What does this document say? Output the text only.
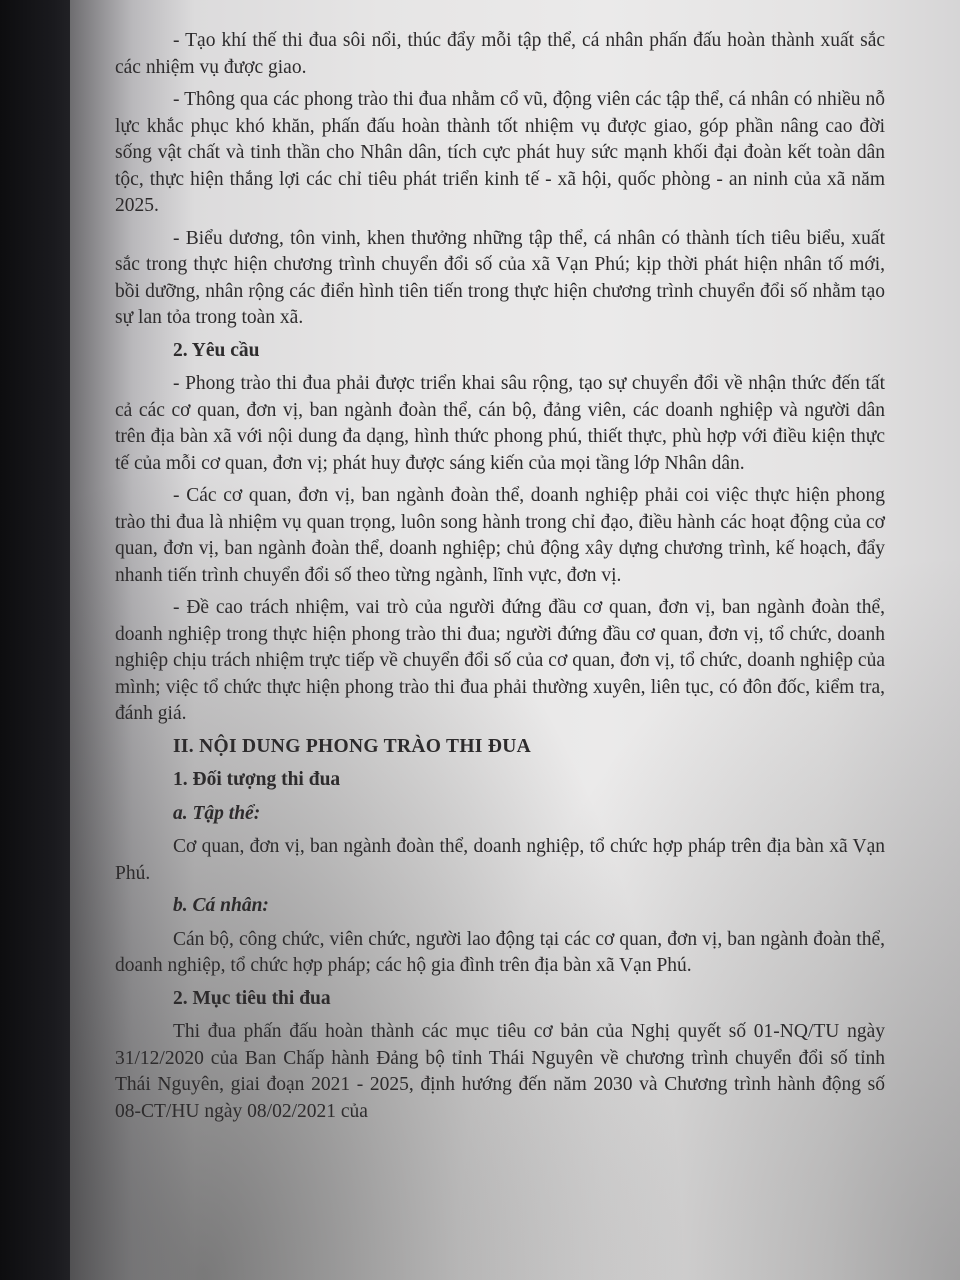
- Tạo khí thế thi đua sôi nổi, thúc đẩy mỗi tập thể, cá nhân phấn đấu hoàn thành xuất sắc các nhiệm vụ được giao.

- Thông qua các phong trào thi đua nhằm cổ vũ, động viên các tập thể, cá nhân có nhiều nỗ lực khắc phục khó khăn, phấn đấu hoàn thành tốt nhiệm vụ được giao, góp phần nâng cao đời sống vật chất và tinh thần cho Nhân dân, tích cực phát huy sức mạnh khối đại đoàn kết toàn dân tộc, thực hiện thắng lợi các chỉ tiêu phát triển kinh tế - xã hội, quốc phòng - an ninh của xã năm 2025.

- Biểu dương, tôn vinh, khen thưởng những tập thể, cá nhân có thành tích tiêu biểu, xuất sắc trong thực hiện chương trình chuyển đổi số của xã Vạn Phú; kịp thời phát hiện nhân tố mới, bồi dưỡng, nhân rộng các điển hình tiên tiến trong thực hiện chương trình chuyển đổi số nhằm tạo sự lan tỏa trong toàn xã.

2. Yêu cầu

- Phong trào thi đua phải được triển khai sâu rộng, tạo sự chuyển đổi về nhận thức đến tất cả các cơ quan, đơn vị, ban ngành đoàn thể, cán bộ, đảng viên, các doanh nghiệp và người dân trên địa bàn xã với nội dung đa dạng, hình thức phong phú, thiết thực, phù hợp với điều kiện thực tế của mỗi cơ quan, đơn vị; phát huy được sáng kiến của mọi tầng lớp Nhân dân.

- Các cơ quan, đơn vị, ban ngành đoàn thể, doanh nghiệp phải coi việc thực hiện phong trào thi đua là nhiệm vụ quan trọng, luôn song hành trong chỉ đạo, điều hành các hoạt động của cơ quan, đơn vị, ban ngành đoàn thể, doanh nghiệp; chủ động xây dựng chương trình, kế hoạch, đẩy nhanh tiến trình chuyển đổi số theo từng ngành, lĩnh vực, đơn vị.

- Đề cao trách nhiệm, vai trò của người đứng đầu cơ quan, đơn vị, ban ngành đoàn thể, doanh nghiệp trong thực hiện phong trào thi đua; người đứng đầu cơ quan, đơn vị, tổ chức, doanh nghiệp chịu trách nhiệm trực tiếp về chuyển đổi số của cơ quan, đơn vị, tổ chức, doanh nghiệp của mình; việc tổ chức thực hiện phong trào thi đua phải thường xuyên, liên tục, có đôn đốc, kiểm tra, đánh giá.

II. NỘI DUNG PHONG TRÀO THI ĐUA

1. Đối tượng thi đua

a. Tập thể:

Cơ quan, đơn vị, ban ngành đoàn thể, doanh nghiệp, tổ chức hợp pháp trên địa bàn xã Vạn Phú.

b. Cá nhân:

Cán bộ, công chức, viên chức, người lao động tại các cơ quan, đơn vị, ban ngành đoàn thể, doanh nghiệp, tổ chức hợp pháp; các hộ gia đình trên địa bàn xã Vạn Phú.

2. Mục tiêu thi đua

Thi đua phấn đấu hoàn thành các mục tiêu cơ bản của Nghị quyết số 01-NQ/TU ngày 31/12/2020 của Ban Chấp hành Đảng bộ tỉnh Thái Nguyên về chương trình chuyển đổi số tỉnh Thái Nguyên, giai đoạn 2021 - 2025, định hướng đến năm 2030 và Chương trình hành động số 08-CT/HU ngày 08/02/2021 của
